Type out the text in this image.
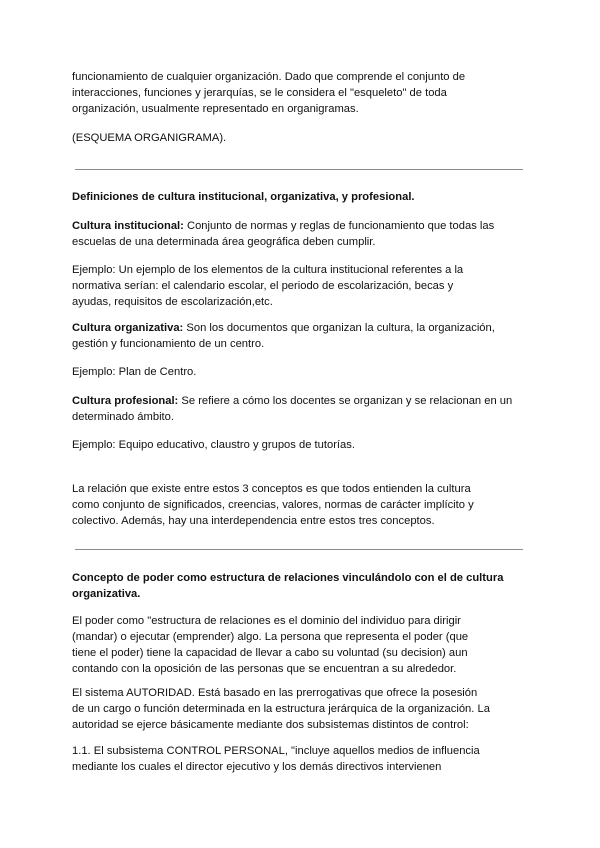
funcionamiento de cualquier organización. Dado que comprende el conjunto de
interacciones, funciones y jerarquías, se le considera el "esqueleto" de toda
organización, usualmente representado en organigramas.
(ESQUEMA ORGANIGRAMA).
Definiciones de cultura institucional, organizativa, y profesional.
Cultura institucional: Conjunto de normas y reglas de funcionamiento que todas las
escuelas de una determinada área geográfica deben cumplir.
Ejemplo: Un ejemplo de los elementos de la cultura institucional referentes a la
normativa serían: el calendario escolar, el periodo de escolarización, becas y
ayudas, requisitos de escolarización,etc.
Cultura organizativa: Son los documentos que organizan la cultura, la organización,
gestión y funcionamiento de un centro.
Ejemplo: Plan de Centro.
Cultura profesional: Se refiere a cómo los docentes se organizan y se relacionan en un
determinado ámbito.
Ejemplo: Equipo educativo, claustro y grupos de tutorías.
La relación que existe entre estos 3 conceptos es que todos entienden la cultura
como conjunto de significados, creencias, valores, normas de carácter implícito y
colectivo. Además, hay una interdependencia entre estos tres conceptos.
Concepto de poder como estructura de relaciones vinculándolo con el de cultura
organizativa.
El poder como "estructura de relaciones es el dominio del individuo para dirigir
(mandar) o ejecutar (emprender) algo. La persona que representa el poder (que
tiene el poder) tiene la capacidad de llevar a cabo su voluntad (su decision) aun
contando con la oposición de las personas que se encuentran a su alrededor.
El sistema AUTORIDAD. Está basado en las prerrogativas que ofrece la posesión
de un cargo o función determinada en la estructura jerárquica de la organización. La
autoridad se ejerce básicamente mediante dos subsistemas distintos de control:
1.1. El subsistema CONTROL PERSONAL, "incluye aquellos medios de influencia
mediante los cuales el director ejecutivo y los demás directivos intervienen
